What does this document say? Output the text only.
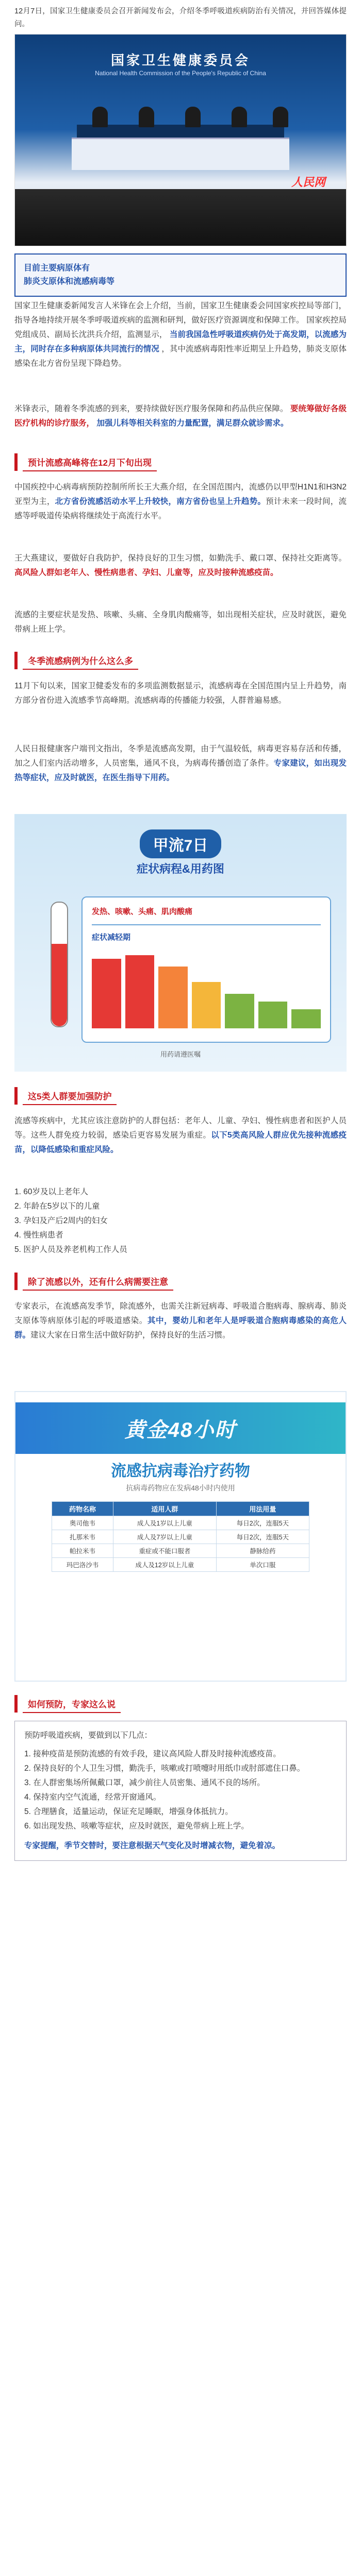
12月7日，国家卫生健康委员会召开新闻发布会，介绍冬季呼吸道疾病防治有关情况，并回答媒体提问。

国家卫生健康委员会
National Health Commission of the People's Republic of China
人民网

目前主要病原体有

肺炎支原体和流感病毒等

国家卫生健康委新闻发言人米锋在会上介绍，当前，国家卫生健康委会同国家疾控局等部门，指导各地持续开展冬季呼吸道疾病的监测和研判，做好医疗资源调度和保障工作。 国家疾控局党组成员、副局长沈洪兵介绍，监测显示， 当前我国急性呼吸道疾病仍处于高发期，以流感为主，同时存在多种病原体共同流行的情况 ，其中流感病毒阳性率近期呈上升趋势，肺炎支原体感染在北方省份呈现下降趋势。

米锋表示，随着冬季流感的到来，要持续做好医疗服务保障和药品供应保障。 要统筹做好各级医疗机构的诊疗服务， 加强儿科等相关科室的力量配置，满足群众就诊需求。

预计流感高峰将在12月下旬出现

中国疾控中心病毒病预防控制所所长王大燕介绍，在全国范围内，流感仍以甲型H1N1和H3N2亚型为主，北方省份流感活动水平上升较快，南方省份也呈上升趋势。预计未来一段时间，流感等呼吸道传染病将继续处于高流行水平。

王大燕建议，要做好自我防护，保持良好的卫生习惯，如勤洗手、戴口罩、保持社交距离等。高风险人群如老年人、慢性病患者、孕妇、儿童等，应及时接种流感疫苗。

流感的主要症状是发热、咳嗽、头痛、全身肌肉酸痛等，如出现相关症状，应及时就医，避免带病上班上学。

冬季流感病例为什么这么多

11月下旬以来，国家卫健委发布的多项监测数据显示，流感病毒在全国范围内呈上升趋势，南方部分省份进入流感季节高峰期。流感病毒的传播能力较强，人群普遍易感。

人民日报健康客户端刊文指出，冬季是流感高发期，由于气温较低，病毒更容易存活和传播，加之人们室内活动增多，人员密集，通风不良，为病毒传播创造了条件。专家建议，如出现发热等症状，应及时就医，在医生指导下用药。

甲流7日
症状病程&用药图
发热、咳嗽、头痛、肌肉酸痛
症状减轻期
用药请遵医嘱
这5类人群要加强防护

流感等疾病中，尤其应该注意防护的人群包括：老年人、儿童、孕妇、慢性病患者和医护人员等。这些人群免疫力较弱，感染后更容易发展为重症。以下5类高风险人群应优先接种流感疫苗，以降低感染和重症风险。

1. 60岁及以上老年人
2. 年龄在5岁以下的儿童
3. 孕妇及产后2周内的妇女
4. 慢性病患者
5. 医护人员及养老机构工作人员
除了流感以外，还有什么病需要注意

专家表示，在流感高发季节，除流感外，也需关注新冠病毒、呼吸道合胞病毒、腺病毒、肺炎支原体等病原体引起的呼吸道感染。其中，婴幼儿和老年人是呼吸道合胞病毒感染的高危人群。建议大家在日常生活中做好防护，保持良好的生活习惯。

黄金48小时
流感抗病毒治疗药物
抗病毒药物应在发病48小时内使用
药物名称	适用人群	用法用量
奥司他韦	成人及1岁以上儿童	每日2次，连服5天
扎那米韦	成人及7岁以上儿童	每日2次，连服5天
帕拉米韦	重症或不能口服者	静脉给药
玛巴洛沙韦	成人及12岁以上儿童	单次口服
如何预防，专家这么说
预防呼吸道疾病，要做到以下几点：
1. 接种疫苗是预防流感的有效手段，建议高风险人群及时接种流感疫苗。
2. 保持良好的个人卫生习惯，勤洗手，咳嗽或打喷嚏时用纸巾或肘部遮住口鼻。
3. 在人群密集场所佩戴口罩，减少前往人员密集、通风不良的场所。
4. 保持室内空气流通，经常开窗通风。
5. 合理膳食，适量运动，保证充足睡眠，增强身体抵抗力。
6. 如出现发热、咳嗽等症状，应及时就医，避免带病上班上学。
专家提醒，季节交替时，要注意根据天气变化及时增减衣物，避免着凉。
